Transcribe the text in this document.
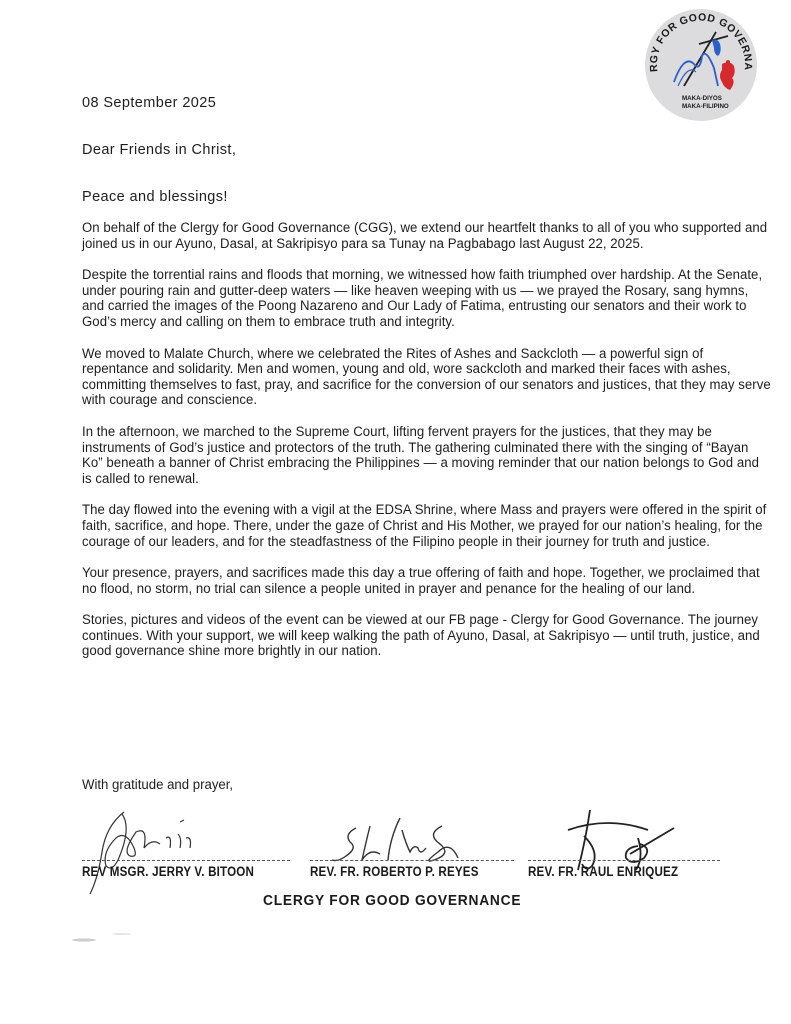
RGY FOR GOOD GOVERNA
MAKA-DIYOS
MAKA-FILIPINO
08 September 2025
Dear Friends in Christ,
Peace and blessings!

On behalf of the Clergy for Good Governance (CGG), we extend our heartfelt thanks to all of you who supported and joined us in our Ayuno, Dasal, at Sakripisyo para sa Tunay na Pagbabago last August 22, 2025.

Despite the torrential rains and floods that morning, we witnessed how faith triumphed over hardship. At the Senate, under pouring rain and gutter-deep waters — like heaven weeping with us — we prayed the Rosary, sang hymns, and carried the images of the Poong Nazareno and Our Lady of Fatima, entrusting our senators and their work to God’s mercy and calling on them to embrace truth and integrity.

We moved to Malate Church, where we celebrated the Rites of Ashes and Sackcloth — a powerful sign of repentance and solidarity. Men and women, young and old, wore sackcloth and marked their faces with ashes, committing themselves to fast, pray, and sacrifice for the conversion of our senators and justices, that they may serve with courage and conscience.

In the afternoon, we marched to the Supreme Court, lifting fervent prayers for the justices, that they may be instruments of God’s justice and protectors of the truth. The gathering culminated there with the singing of “Bayan Ko” beneath a banner of Christ embracing the Philippines — a moving reminder that our nation belongs to God and is called to renewal.

The day flowed into the evening with a vigil at the EDSA Shrine, where Mass and prayers were offered in the spirit of faith, sacrifice, and hope. There, under the gaze of Christ and His Mother, we prayed for our nation’s healing, for the courage of our leaders, and for the steadfastness of the Filipino people in their journey for truth and justice.

Your presence, prayers, and sacrifices made this day a true offering of faith and hope. Together, we proclaimed that no flood, no storm, no trial can silence a people united in prayer and penance for the healing of our land.

Stories, pictures and videos of the event can be viewed at our FB page - Clergy for Good Governance. The journey continues. With your support, we will keep walking the path of Ayuno, Dasal, at Sakripisyo — until truth, justice, and good governance shine more brightly in our nation.

With gratitude and prayer,
REV MSGR. JERRY V. BITOON	REV. FR. ROBERTO P. REYES	REV. FR. RAUL ENRIQUEZ
CLERGY FOR GOOD GOVERNANCE
